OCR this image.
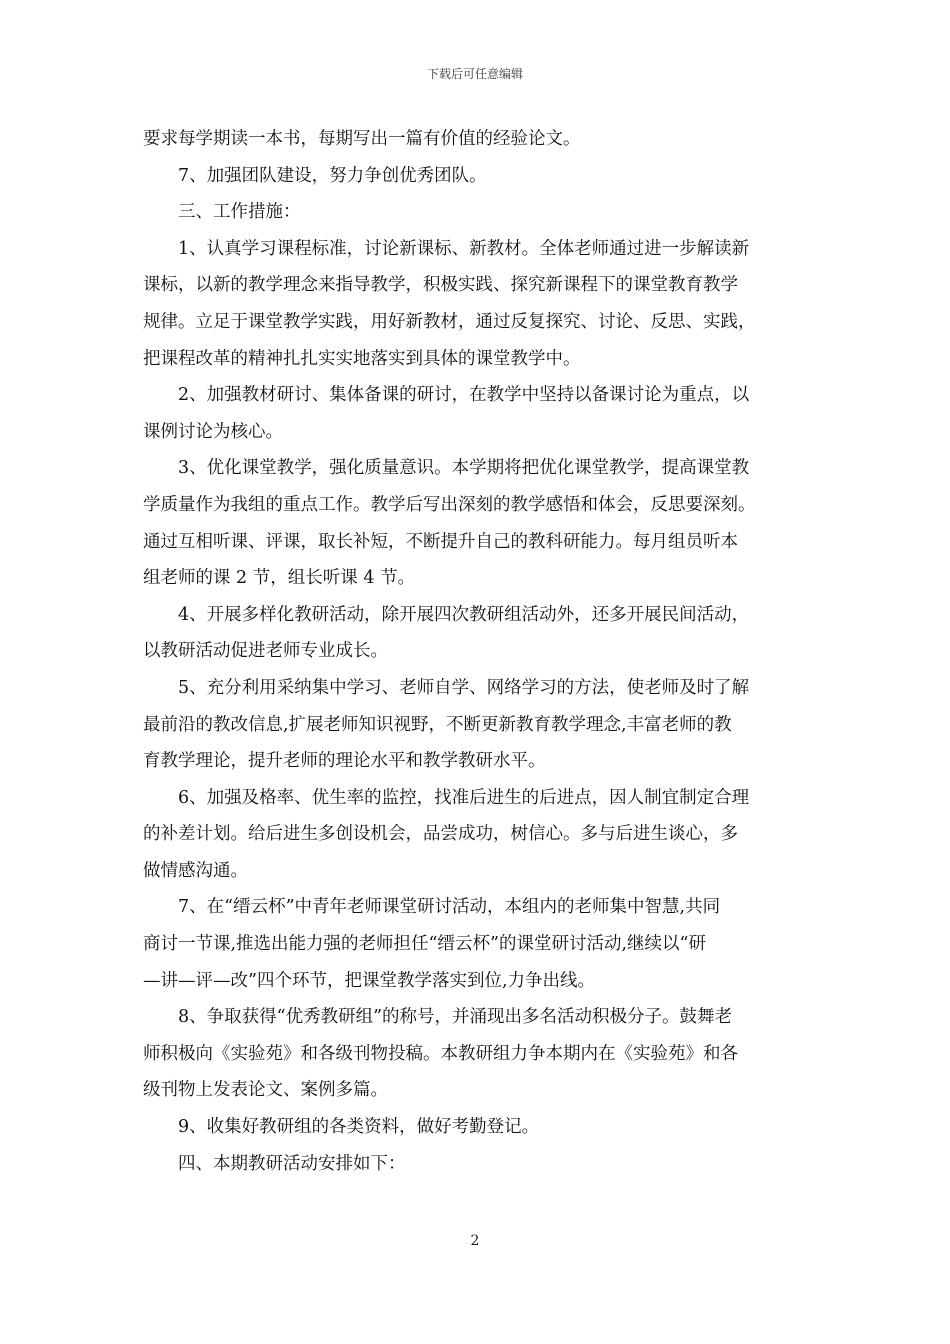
下载后可任意编辑
要求每学期读一本书，每期写出一篇有价值的经验论文。
7、加强团队建设，努力争创优秀团队。
三、工作措施：
1、认真学习课程标准，讨论新课标、新教材。全体老师通过进一步解读新
课标，以新的教学理念来指导教学，积极实践、探究新课程下的课堂教育教学
规律。立足于课堂教学实践，用好新教材，通过反复探究、讨论、反思、实践，
把课程改革的精神扎扎实实地落实到具体的课堂教学中。
2、加强教材研讨、集体备课的研讨，在教学中坚持以备课讨论为重点，以
课例讨论为核心。
3、优化课堂教学，强化质量意识。本学期将把优化课堂教学，提高课堂教
学质量作为我组的重点工作。教学后写出深刻的教学感悟和体会，反思要深刻。
通过互相听课、评课，取长补短，不断提升自己的教科研能力。每月组员听本
组老师的课 2 节，组长听课 4 节。
4、开展多样化教研活动，除开展四次教研组活动外，还多开展民间活动，
以教研活动促进老师专业成长。
5、充分利用采纳集中学习、老师自学、网络学习的方法，使老师及时了解
最前沿的教改信息,扩展老师知识视野，不断更新教育教学理念,丰富老师的教
育教学理论，提升老师的理论水平和教学教研水平。
6、加强及格率、优生率的监控，找准后进生的后进点，因人制宜制定合理
的补差计划。给后进生多创设机会，品尝成功，树信心。多与后进生谈心，多
做情感沟通。
7、在“缙云杯”中青年老师课堂研讨活动，本组内的老师集中智慧,共同
商讨一节课,推选出能力强的老师担任“缙云杯”的课堂研讨活动,继续以“研
—讲—评—改”四个环节，把课堂教学落实到位,力争出线。
8、争取获得“优秀教研组”的称号，并涌现出多名活动积极分子。鼓舞老
师积极向《实验苑》和各级刊物投稿。本教研组力争本期内在《实验苑》和各
级刊物上发表论文、案例多篇。
9、收集好教研组的各类资料，做好考勤登记。
四、本期教研活动安排如下：
2
